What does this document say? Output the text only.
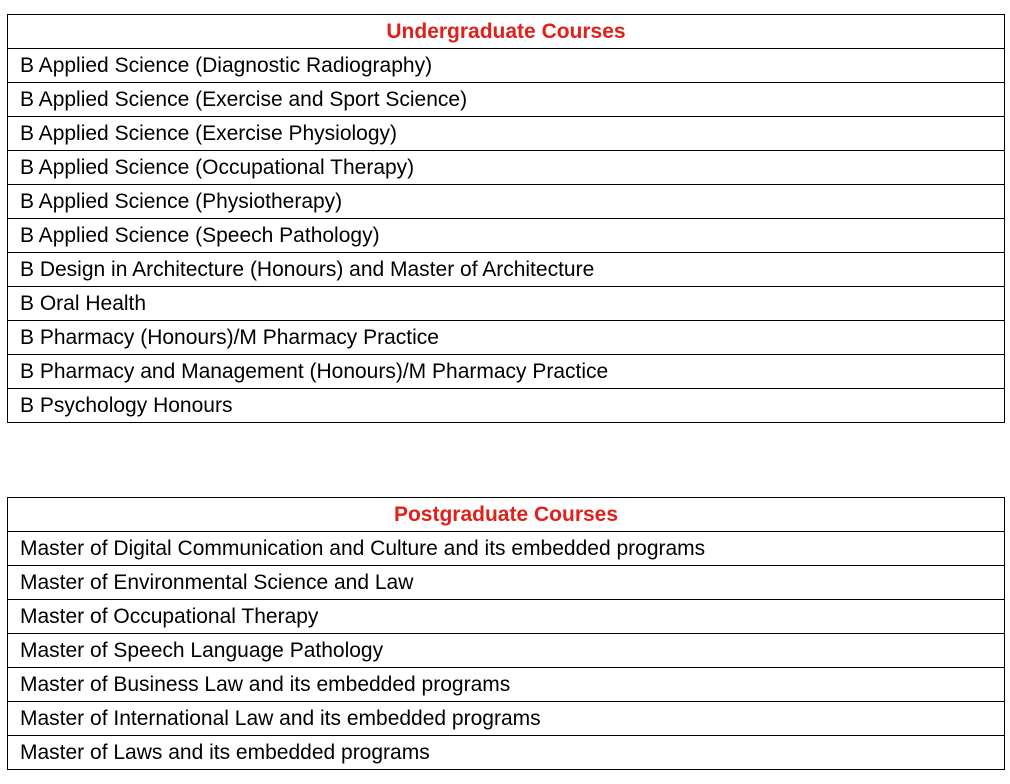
Undergraduate Courses
B Applied Science (Diagnostic Radiography)
B Applied Science (Exercise and Sport Science)
B Applied Science (Exercise Physiology)
B Applied Science (Occupational Therapy)
B Applied Science (Physiotherapy)
B Applied Science (Speech Pathology)
B Design in Architecture (Honours) and Master of Architecture
B Oral Health
B Pharmacy (Honours)/M Pharmacy Practice
B Pharmacy and Management (Honours)/M Pharmacy Practice
B Psychology Honours
Postgraduate Courses
Master of Digital Communication and Culture and its embedded programs
Master of Environmental Science and Law
Master of Occupational Therapy
Master of Speech Language Pathology
Master of Business Law and its embedded programs
Master of International Law and its embedded programs
Master of Laws and its embedded programs
